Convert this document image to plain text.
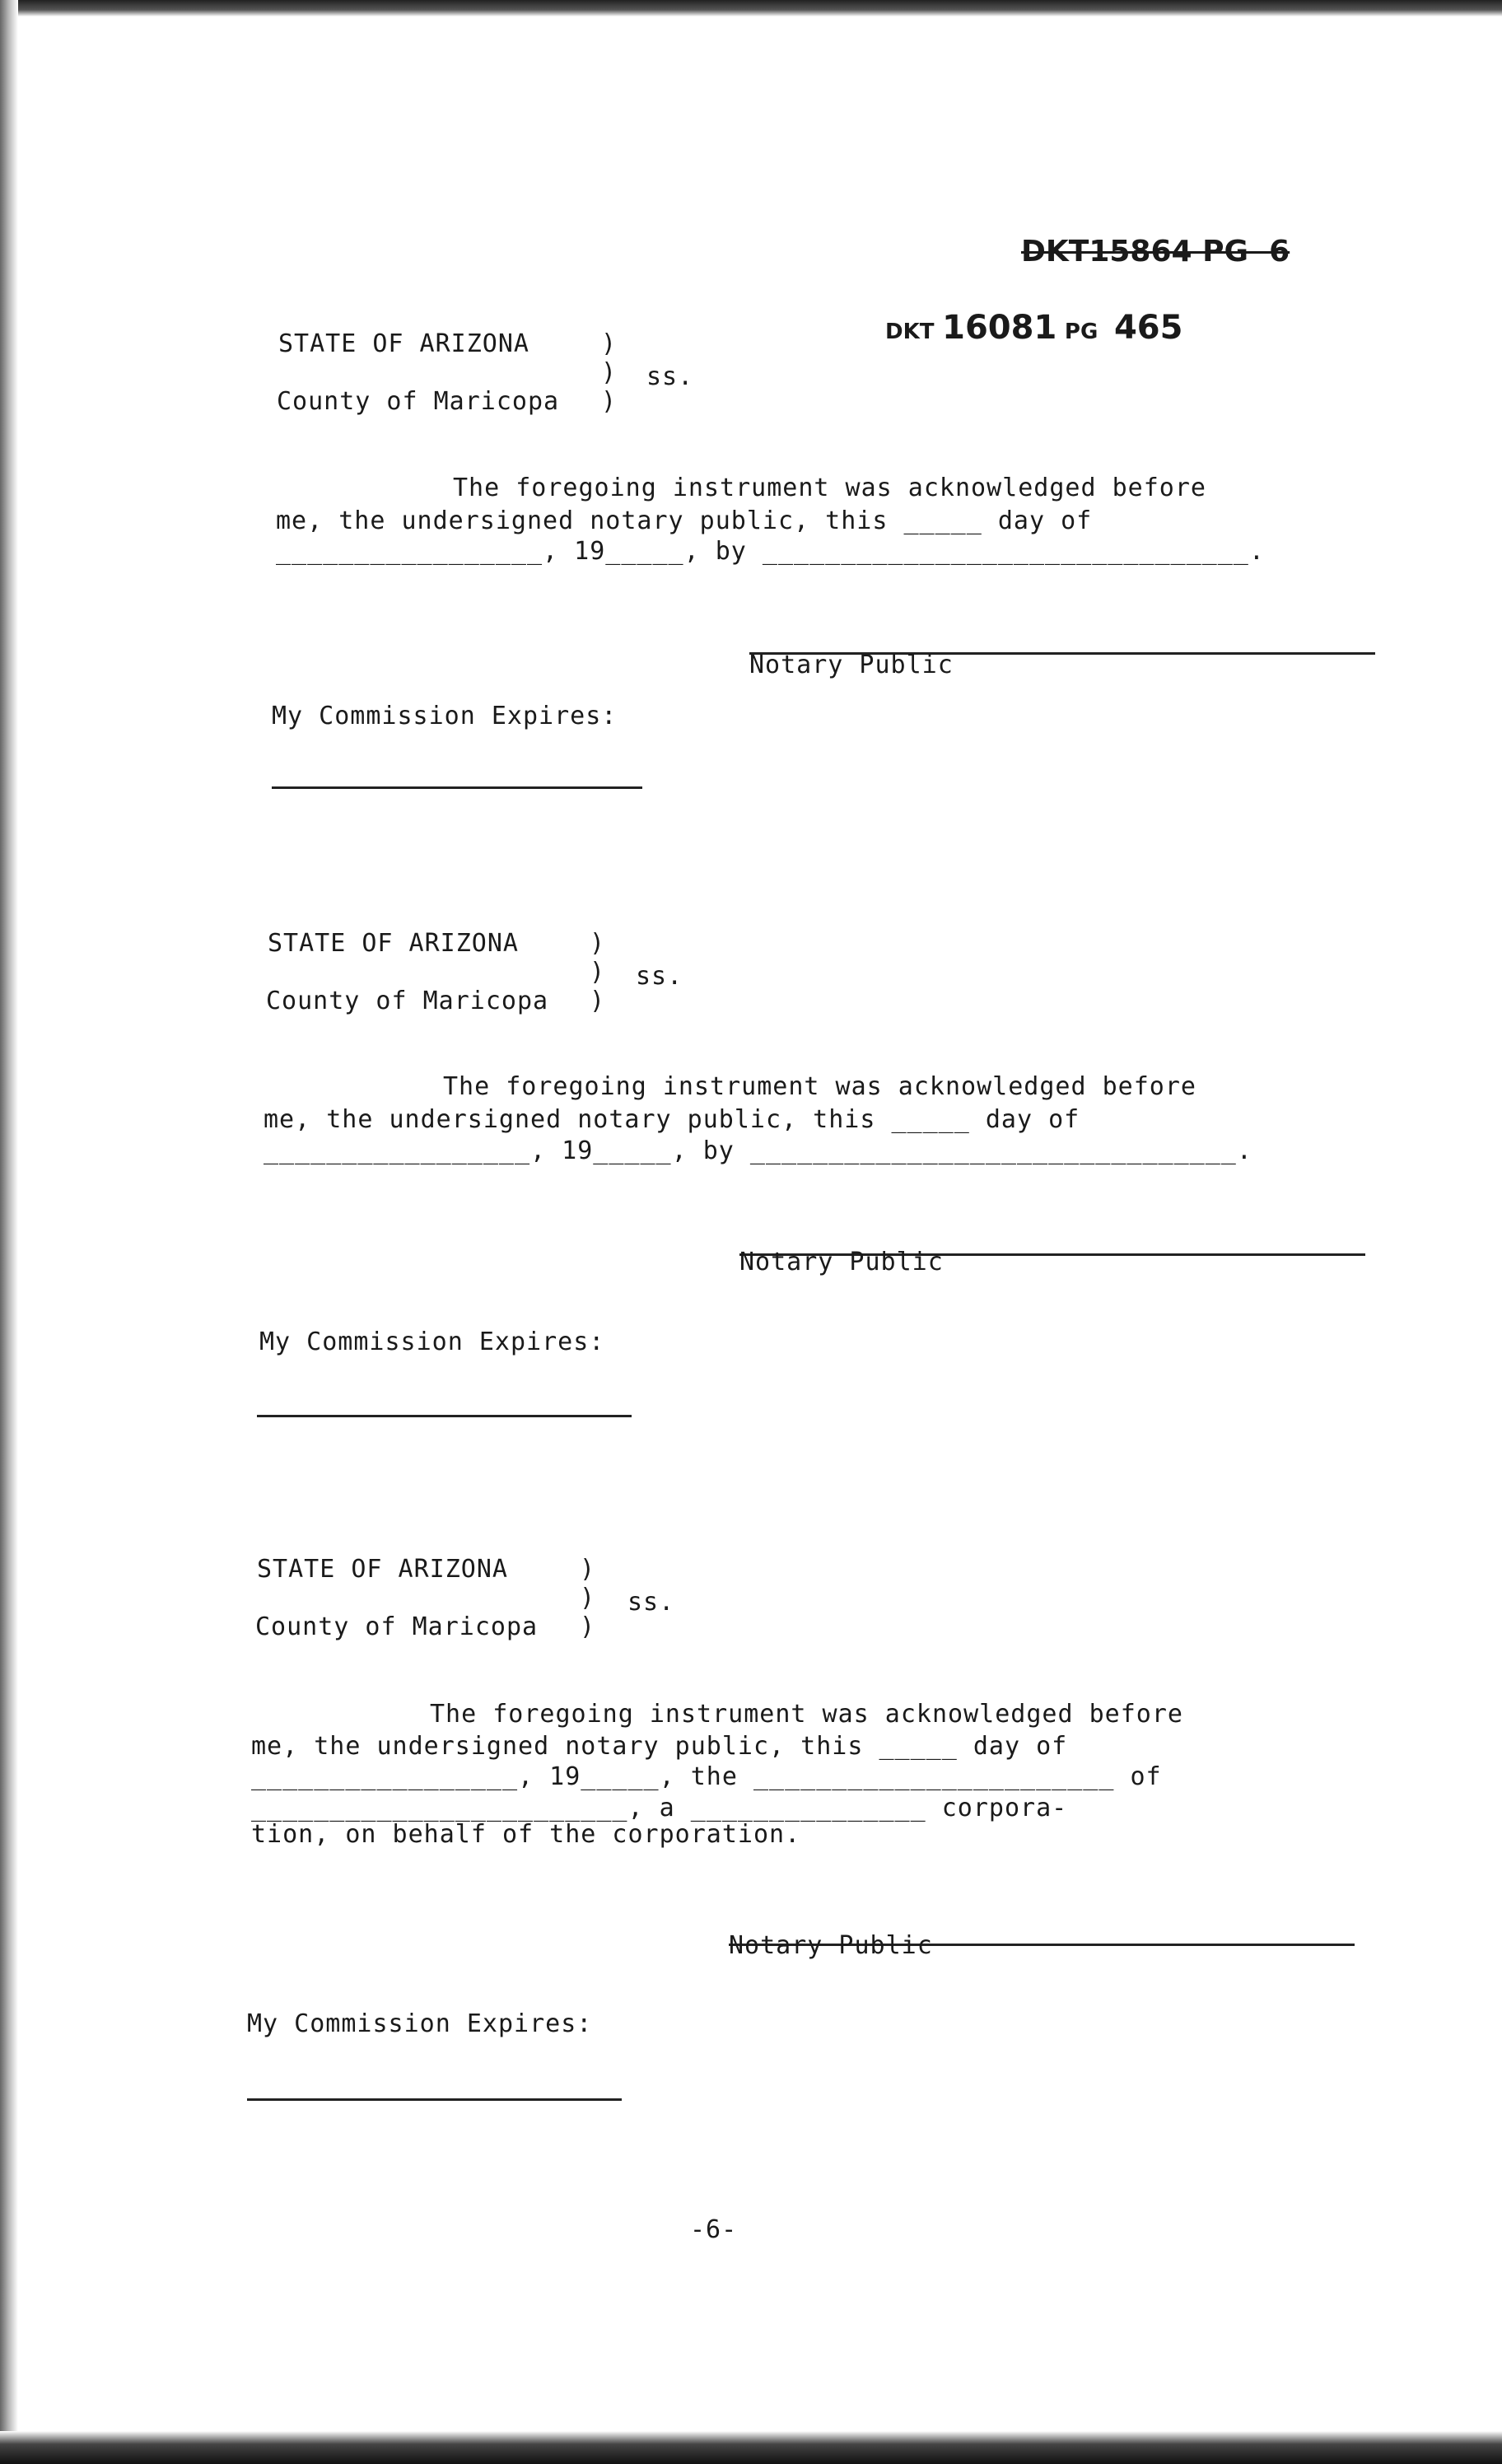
DKT15864 PG  6
DKT 16081 PG 465
STATE OF ARIZONA	)
) ss.
County of Maricopa )
The foregoing instrument was acknowledged before
me, the undersigned notary public, this _____ day of
_________________, 19_____, by _______________________________.
Notary Public
My Commission Expires:
STATE OF ARIZONA	)
) ss.
County of Maricopa )
The foregoing instrument was acknowledged before
me, the undersigned notary public, this _____ day of
_________________, 19_____, by _______________________________.
Notary Public
My Commission Expires:
STATE OF ARIZONA	)
) ss.
County of Maricopa )
The foregoing instrument was acknowledged before
me, the undersigned notary public, this _____ day of
_________________, 19_____, the _______________________ of
________________________, a _______________ corpora-
tion, on behalf of the corporation.
Notary Public
My Commission Expires:
-6-
